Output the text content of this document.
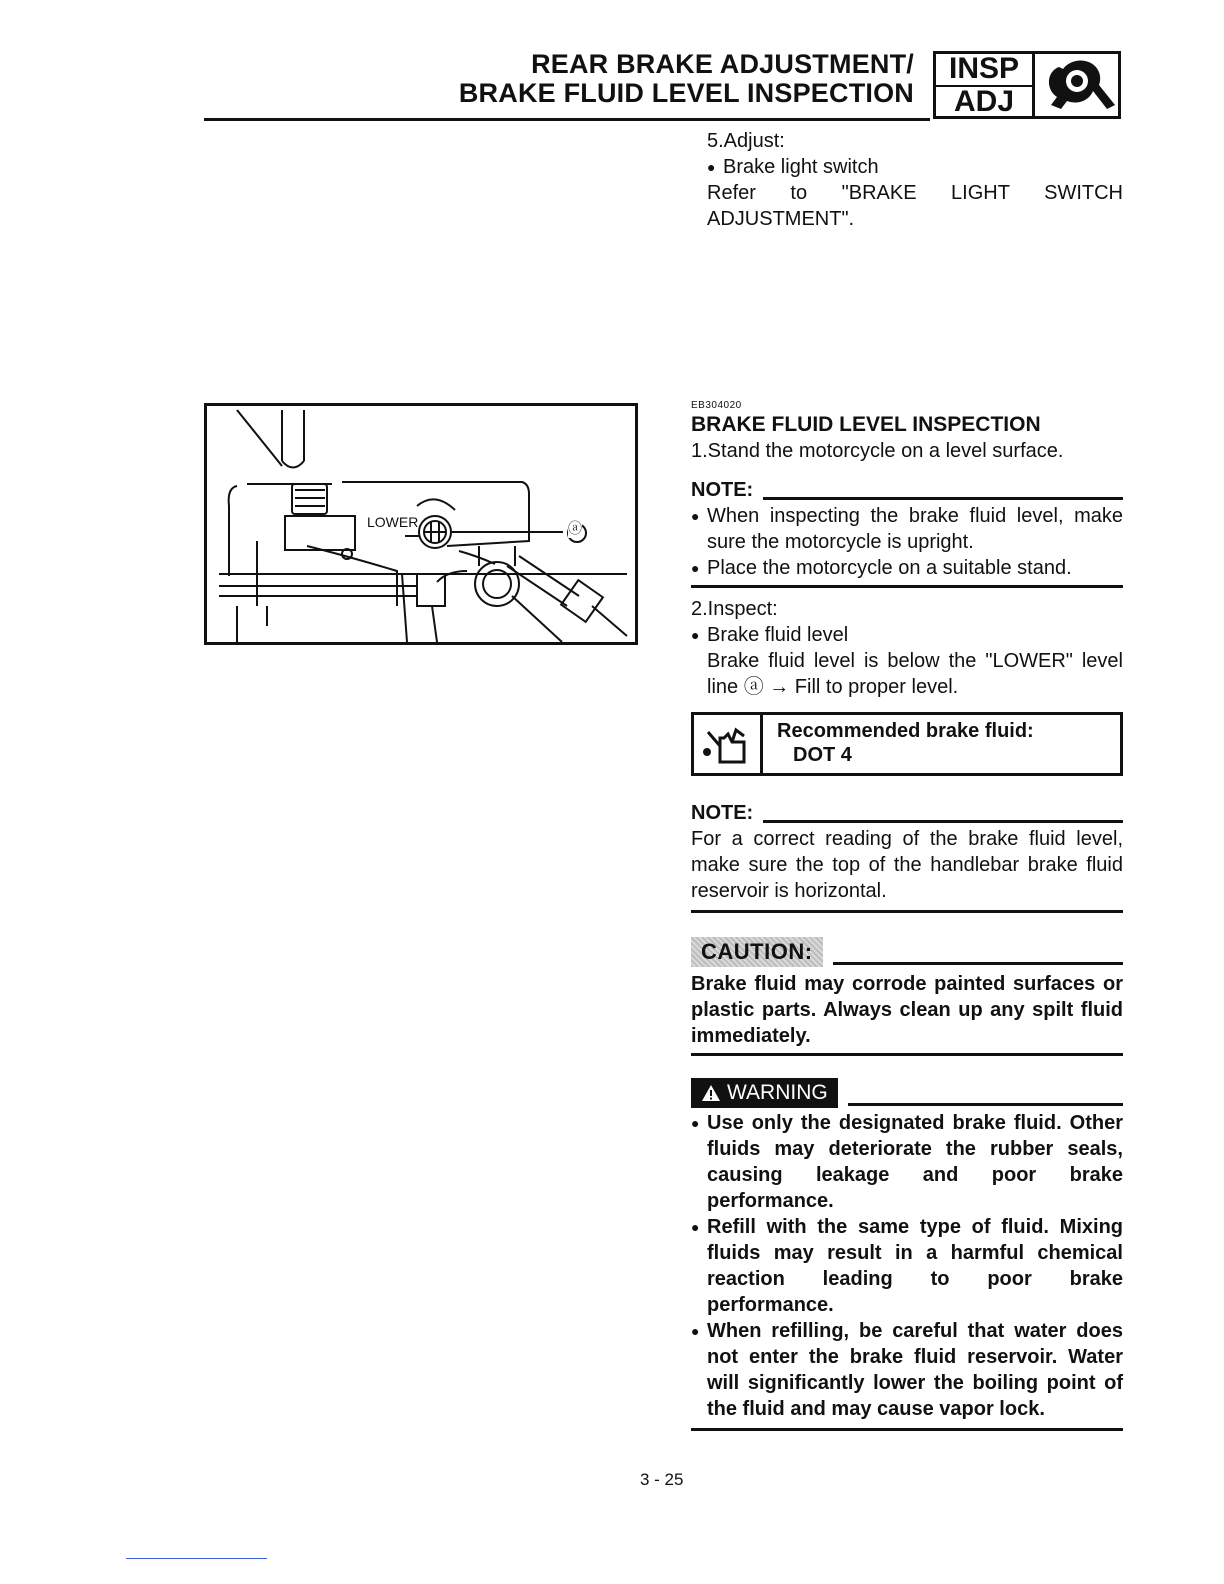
REAR BRAKE ADJUSTMENT/
BRAKE FLUID LEVEL INSPECTION
INSP
ADJ

5.Adjust:

● Brake light switch

Refer to "BRAKE LIGHT SWITCH

ADJUSTMENT".

LOWER	ⓐ
EB304020
BRAKE FLUID LEVEL INSPECTION

1.Stand the motorcycle on a level surface.

NOTE:
● When inspecting the brake fluid level, make sure the motorcycle is upright.
● Place the motorcycle on a suitable stand.

2.Inspect:

● Brake fluid level

Brake fluid level is below the "LOWER" level line ⓐ → Fill to proper level.

Recommended brake fluid:
DOT 4
NOTE:

For a correct reading of the brake fluid level, make sure the top of the handlebar brake fluid reservoir is horizontal.

CAUTION:

Brake fluid may corrode painted surfaces or plastic parts. Always clean up any spilt fluid immediately.

WARNING
● Use only the designated brake fluid. Other fluids may deteriorate the rubber seals, causing leakage and poor brake performance.
● Refill with the same type of fluid. Mixing fluids may result in a harmful chemical reaction leading to poor brake performance.
● When refilling, be careful that water does not enter the brake fluid reservoir. Water will significantly lower the boiling point of the fluid and may cause vapor lock.
3 - 25
